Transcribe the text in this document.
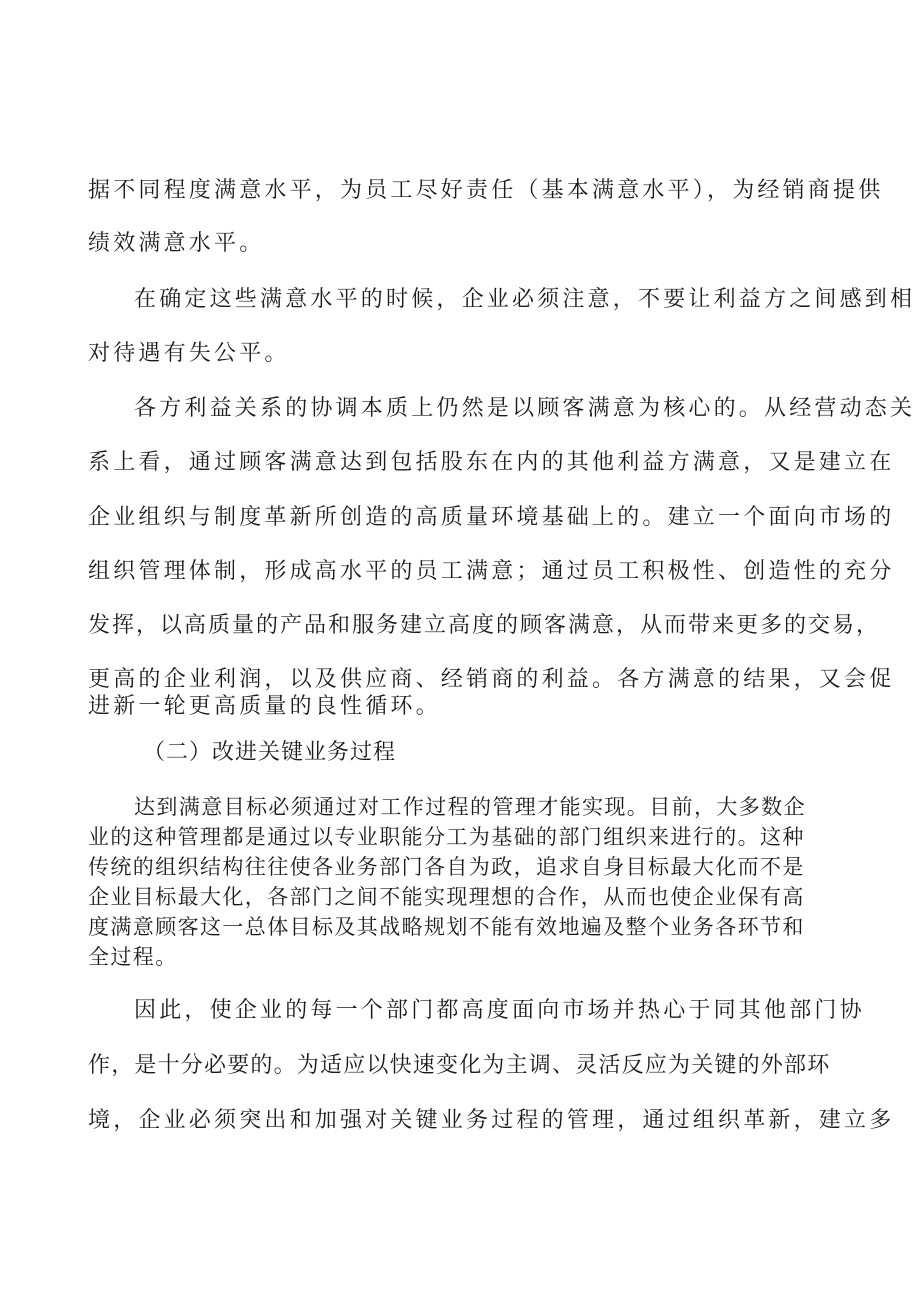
据不同程度满意水平，为员工尽好责任（基本满意水平），为经销商提供
绩效满意水平。
在确定这些满意水平的时候，企业必须注意，不要让利益方之间感到相
对待遇有失公平。
各方利益关系的协调本质上仍然是以顾客满意为核心的。从经营动态关
系上看，通过顾客满意达到包括股东在内的其他利益方满意，又是建立在
企业组织与制度革新所创造的高质量环境基础上的。建立一个面向市场的
组织管理体制，形成高水平的员工满意；通过员工积极性、创造性的充分
发挥，以高质量的产品和服务建立高度的顾客满意，从而带来更多的交易，
更高的企业利润，以及供应商、经销商的利益。各方满意的结果，又会促
进新一轮更高质量的良性循环。
（二）改进关键业务过程
达到满意目标必须通过对工作过程的管理才能实现。目前，大多数企
业的这种管理都是通过以专业职能分工为基础的部门组织来进行的。这种
传统的组织结构往往使各业务部门各自为政，追求自身目标最大化而不是
企业目标最大化，各部门之间不能实现理想的合作，从而也使企业保有高
度满意顾客这一总体目标及其战略规划不能有效地遍及整个业务各环节和
全过程。
因此，使企业的每一个部门都高度面向市场并热心于同其他部门协
作，是十分必要的。为适应以快速变化为主调、灵活反应为关键的外部环
境，企业必须突出和加强对关键业务过程的管理，通过组织革新，建立多
